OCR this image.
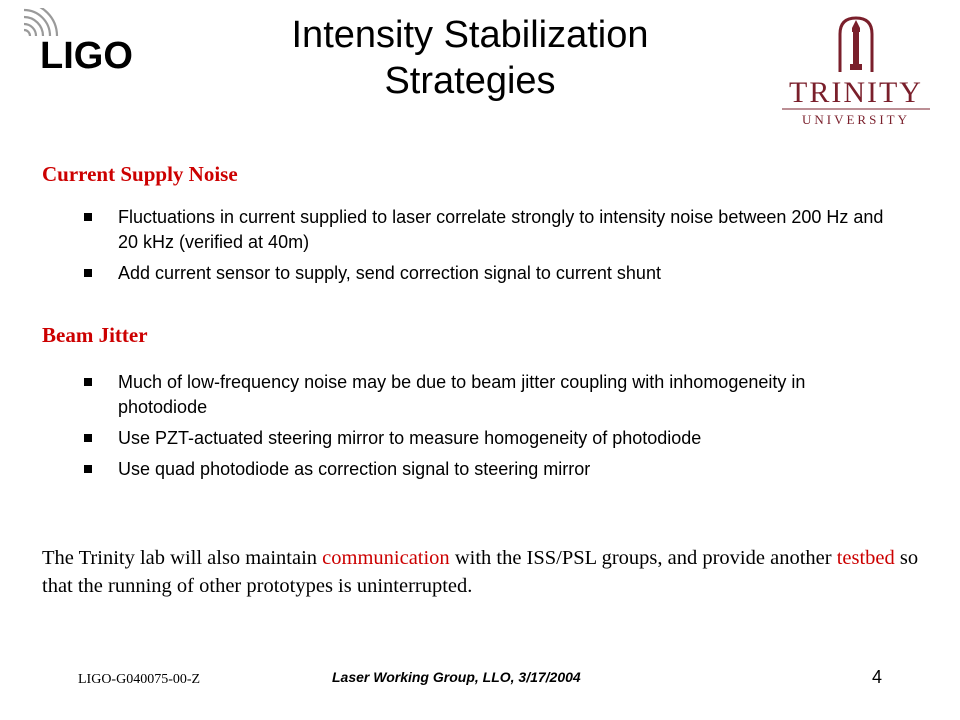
LIGO
TRINITY
UNIVERSITY
Intensity Stabilization
Strategies
Current Supply Noise
Fluctuations in current supplied to laser correlate strongly to intensity noise between 200 Hz and 20 kHz (verified at 40m)
Add current sensor to supply, send correction signal to current shunt
Beam Jitter
Much of low-frequency noise may be due to beam jitter coupling with inhomogeneity in photodiode
Use PZT-actuated steering mirror to measure homogeneity of photodiode
Use quad photodiode as correction signal to steering mirror
The Trinity lab will also maintain communication with the ISS/PSL groups, and provide another testbed so that the running of other prototypes is uninterrupted.
LIGO-G040075-00-Z	Laser Working Group, LLO, 3/17/2004	4
